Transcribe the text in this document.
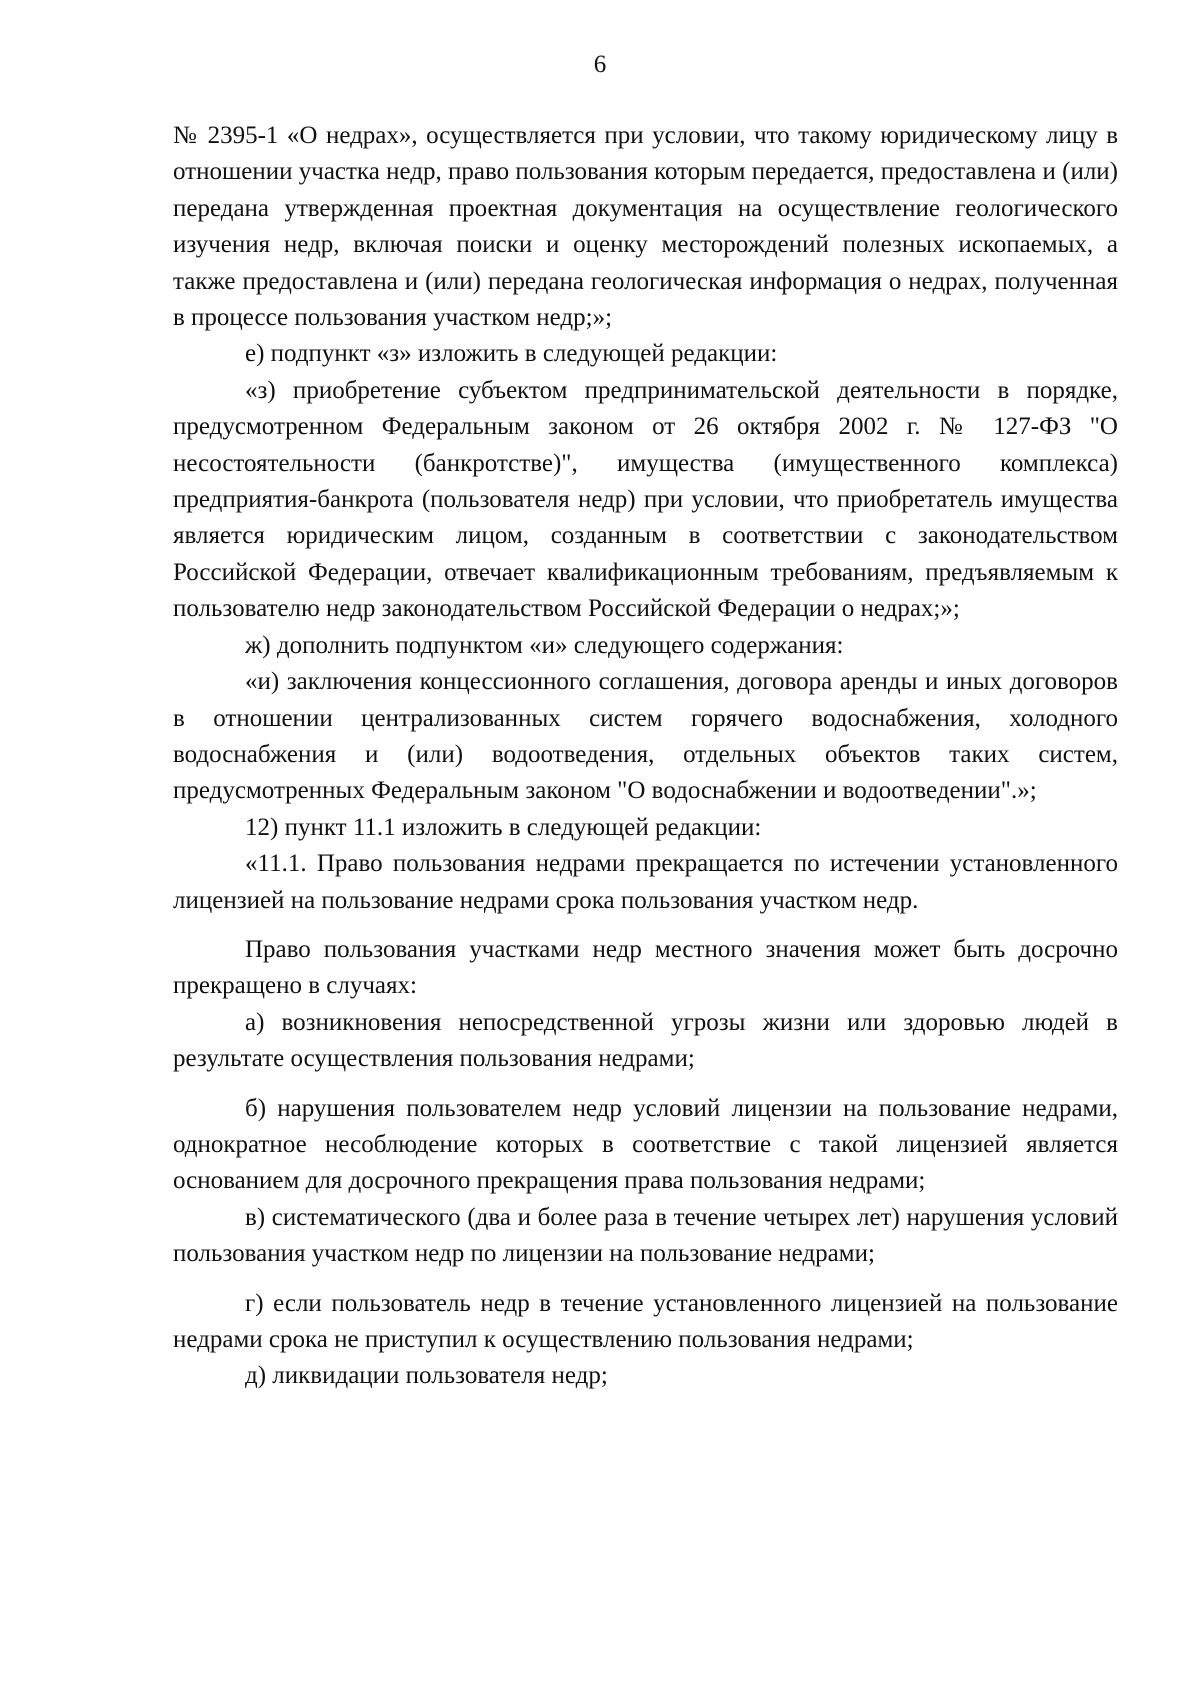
6

№ 2395-1 «О недрах», осуществляется при условии, что такому юридическому лицу в отношении участка недр, право пользования которым передается, предоставлена и (или) передана утвержденная проектная документация на осуществление геологического изучения недр, включая поиски и оценку месторождений полезных ископаемых, а также предоставлена и (или) передана геологическая информация о недрах, полученная в процессе пользования участком недр;»;

е) подпункт «з» изложить в следующей редакции:

«з) приобретение субъектом предпринимательской деятельности в порядке, предусмотренном Федеральным законом от 26 октября 2002 г. № 127-ФЗ "О несостоятельности (банкротстве)", имущества (имущественного комплекса) предприятия-банкрота (пользователя недр) при условии, что приобретатель имущества является юридическим лицом, созданным в соответствии с законодательством Российской Федерации, отвечает квалификационным требованиям, предъявляемым к пользователю недр законодательством Российской Федерации о недрах;»;

ж) дополнить подпунктом «и» следующего содержания:

«и) заключения концессионного соглашения, договора аренды и иных договоров в отношении централизованных систем горячего водоснабжения, холодного водоснабжения и (или) водоотведения, отдельных объектов таких систем, предусмотренных Федеральным законом "О водоснабжении и водоотведении".»;

12) пункт 11.1 изложить в следующей редакции:

«11.1. Право пользования недрами прекращается по истечении установленного лицензией на пользование недрами срока пользования участком недр.

Право пользования участками недр местного значения может быть досрочно прекращено в случаях:

а) возникновения непосредственной угрозы жизни или здоровью людей в результате осуществления пользования недрами;

б) нарушения пользователем недр условий лицензии на пользование недрами, однократное несоблюдение которых в соответствие с такой лицензией является основанием для досрочного прекращения права пользования недрами;

в) систематического (два и более раза в течение четырех лет) нарушения условий пользования участком недр по лицензии на пользование недрами;

г) если пользователь недр в течение установленного лицензией на пользование недрами срока не приступил к осуществлению пользования недрами;

д) ликвидации пользователя недр;
